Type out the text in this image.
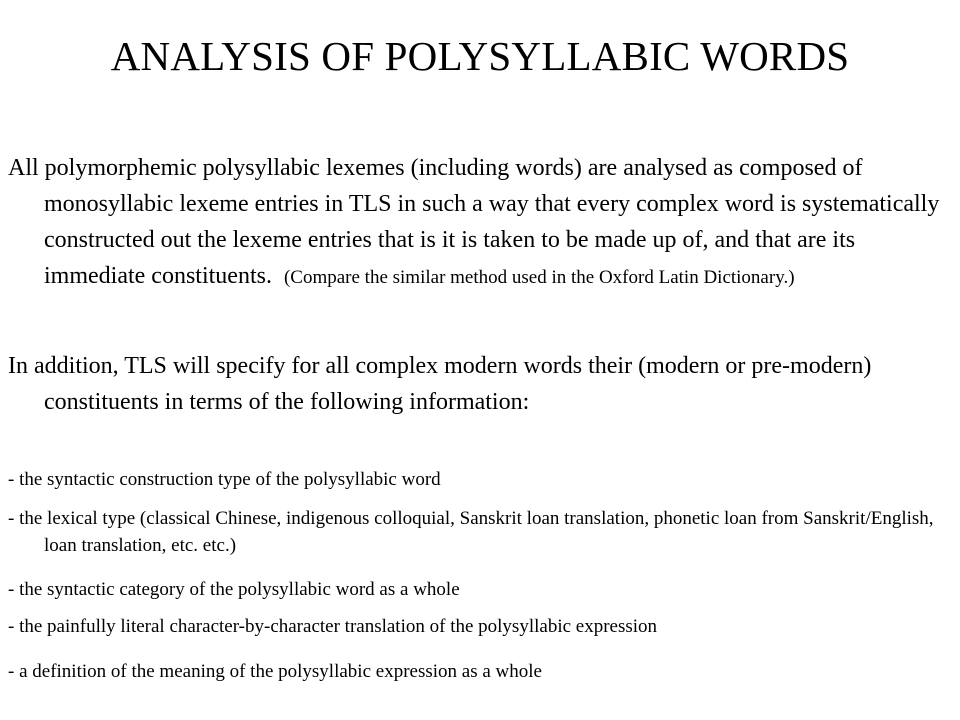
ANALYSIS OF POLYSYLLABIC WORDS

All polymorphemic polysyllabic lexemes (including words) are analysed as composed of monosyllabic lexeme entries in TLS in such a way that every complex word is systematically constructed out the lexeme entries that is it is taken to be made up of, and that are its immediate constituents. (Compare the similar method used in the Oxford Latin Dictionary.)

In addition, TLS will specify for all complex modern words their (modern or pre-modern) constituents in terms of the following information:

- the syntactic construction type of the polysyllabic word

- the lexical type (classical Chinese, indigenous colloquial, Sanskrit loan translation, phonetic loan from Sanskrit/English, loan translation, etc. etc.)

- the syntactic category of the polysyllabic word as a whole

- the painfully literal character-by-character translation of the polysyllabic expression

- a definition of the meaning of the polysyllabic expression as a whole
